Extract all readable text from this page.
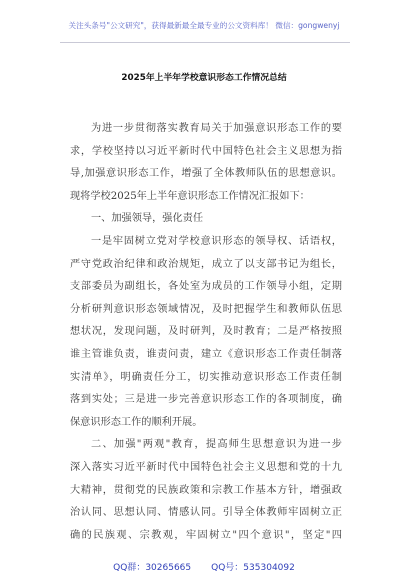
关注头条号"公文研究"，获得最新最全最专业的公文资料库！ 微信：gongwenyj
2025年上半年学校意识形态工作情况总结
为进一步贯彻落实教育局关于加强意识形态工作的要
求，学校坚持以习近平新时代中国特色社会主义思想为指
导,加强意识形态工作，增强了全体教师队伍的思想意识。
现将学校2025年上半年意识形态工作情况汇报如下：
一、加强领导，强化责任
一是牢固树立党对学校意识形态的领导权、话语权，
严守党政治纪律和政治规矩，成立了以支部书记为组长，
支部委员为副组长，各处室为成员的工作领导小组，定期
分析研判意识形态领域情况，及时把握学生和教师队伍思
想状况，发现问题，及时研判，及时教育；二是严格按照
谁主管谁负责，谁责问责，建立《意识形态工作责任制落
实清单》，明确责任分工，切实推动意识形态工作责任制
落到实处；三是进一步完善意识形态工作的各项制度，确
保意识形态工作的顺利开展。
二、加强"两观"教育，提高师生思想意识为进一步
深入落实习近平新时代中国特色社会主义思想和党的十九
大精神，贯彻党的民族政策和宗教工作基本方针，增强政
治认同、思想认同、情感认同。引导全体教师牢固树立正
确的民族观、宗教观，牢固树立"四个意识"，坚定"四
QQ群：30265665 QQ号：535304092
